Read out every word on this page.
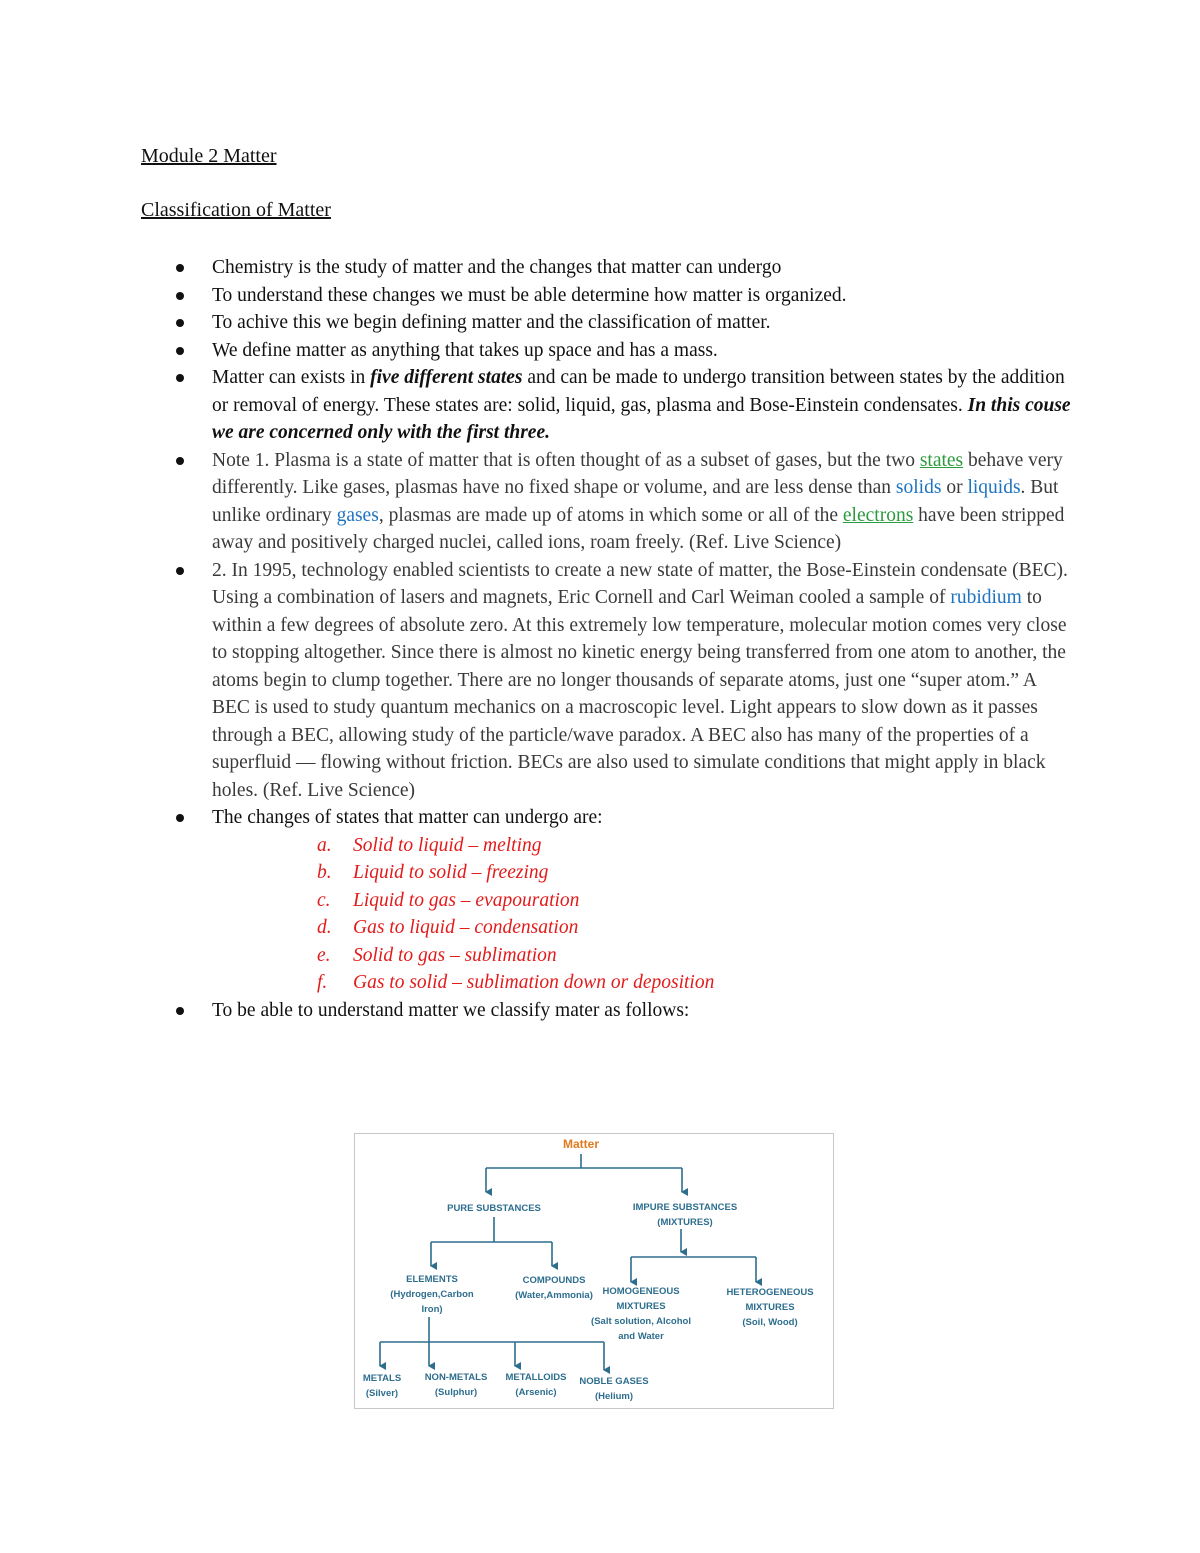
Module 2 Matter
Classification of Matter
Chemistry is the study of matter and the changes that matter can undergo
To understand these changes we must be able determine how matter is organized.
To achive this we begin defining matter and the classification of matter.
We define matter as anything that takes up space and has a mass.
Matter can exists in five different states and can be made to undergo transition between states by the addition or removal of energy. These states are: solid, liquid, gas, plasma and Bose-Einstein condensates. In this couse we are concerned only with the first three.
Note 1. Plasma is a state of matter that is often thought of as a subset of gases, but the two states behave very differently. Like gases, plasmas have no fixed shape or volume, and are less dense than solids or liquids. But unlike ordinary gases, plasmas are made up of atoms in which some or all of the electrons have been stripped away and positively charged nuclei, called ions, roam freely. (Ref. Live Science)
2. In 1995, technology enabled scientists to create a new state of matter, the Bose-Einstein condensate (BEC). Using a combination of lasers and magnets, Eric Cornell and Carl Weiman cooled a sample of rubidium to within a few degrees of absolute zero. At this extremely low temperature, molecular motion comes very close to stopping altogether. Since there is almost no kinetic energy being transferred from one atom to another, the atoms begin to clump together. There are no longer thousands of separate atoms, just one “super atom.” A BEC is used to study quantum mechanics on a macroscopic level. Light appears to slow down as it passes through a BEC, allowing study of the particle/wave paradox. A BEC also has many of the properties of a superfluid — flowing without friction. BECs are also used to simulate conditions that might apply in black holes. (Ref. Live Science)
The changes of states that matter can undergo are:
a. Solid to liquid – melting
b. Liquid to solid – freezing
c. Liquid to gas – evapouration
d. Gas to liquid – condensation
e. Solid to gas – sublimation
f. Gas to solid – sublimation down or deposition
To be able to understand matter we classify mater as follows:
Matter
PURE SUBSTANCES	IMPURE SUBSTANCES
(MIXTURES)
ELEMENTS
(Hydrogen,Carbon
Iron)
COMPOUNDS
(Water,Ammonia) HOMOGENEOUS
MIXTURES
(Salt solution, Alcohol
and Water
HETEROGENEOUS
MIXTURES
(Soil, Wood)
METALS
(Silver)
NON-METALS
(Sulphur)
METALLOIDS
(Arsenic)
NOBLE GASES
(Helium)
